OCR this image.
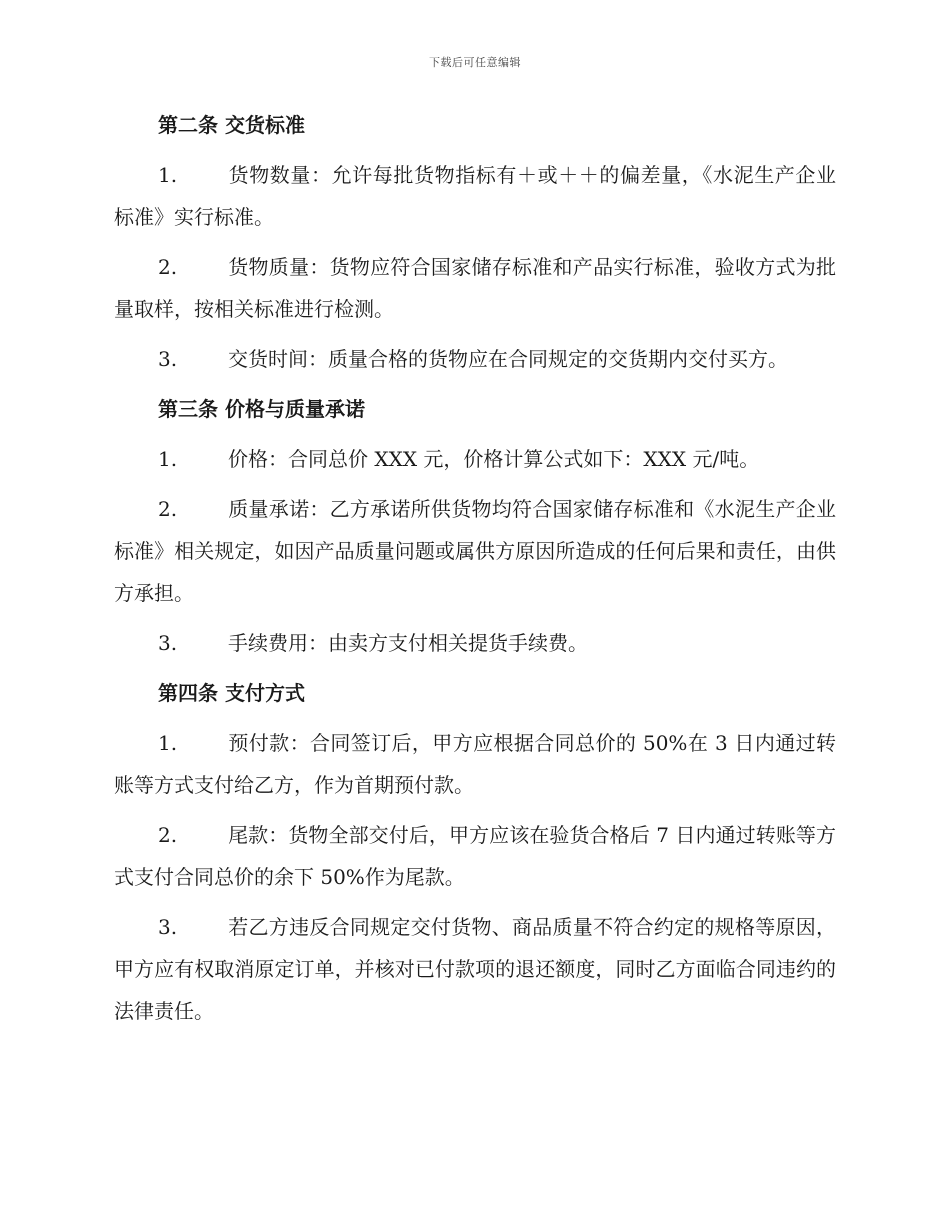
下载后可任意编辑
第二条 交货标准

1.	货物数量：允许每批货物指标有＋或＋＋的偏差量，《水泥生产企业标准》实行标准。

2.	货物质量：货物应符合国家储存标准和产品实行标准，验收方式为批量取样，按相关标准进行检测。

3.	交货时间：质量合格的货物应在合同规定的交货期内交付买方。

第三条 价格与质量承诺

1.	价格：合同总价 XXX 元，价格计算公式如下：XXX 元/吨。

2.	质量承诺：乙方承诺所供货物均符合国家储存标准和《水泥生产企业标准》相关规定，如因产品质量问题或属供方原因所造成的任何后果和责任，由供方承担。

3.	手续费用：由卖方支付相关提货手续费。

第四条 支付方式

1.	预付款：合同签订后，甲方应根据合同总价的 50%在 3 日内通过转账等方式支付给乙方，作为首期预付款。

2.	尾款：货物全部交付后，甲方应该在验货合格后 7 日内通过转账等方式支付合同总价的余下 50%作为尾款。

3.	若乙方违反合同规定交付货物、商品质量不符合约定的规格等原因，甲方应有权取消原定订单，并核对已付款项的退还额度，同时乙方面临合同违约的法律责任。
